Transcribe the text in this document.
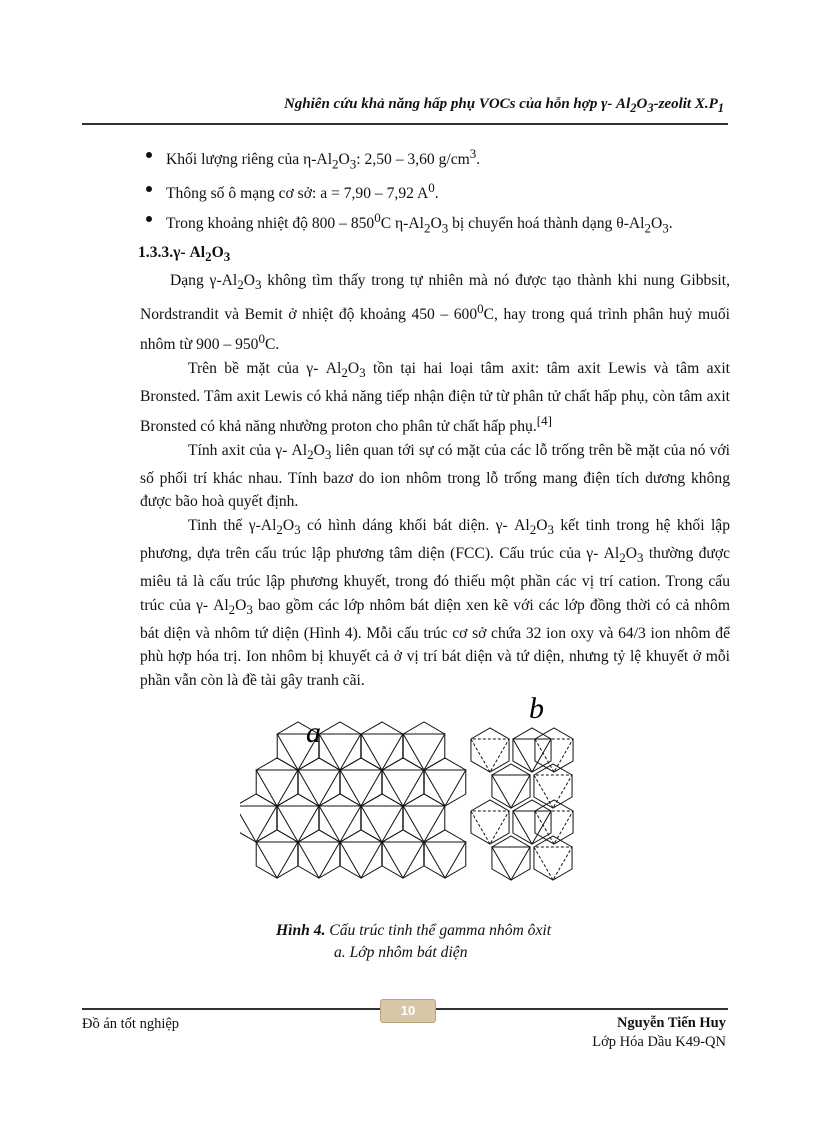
Nghiên cứu khả năng hấp phụ VOCs của hỗn hợp γ- $Al_2O_3$-zeolit $X.P_1$
Khối lượng riêng của $\eta-Al_2O_3$: 2,50 – 3,60 $g/cm^3$.
Thông số ô mạng cơ sở: a = 7,90 – 7,92 $A^0$.
Trong khoảng nhiệt độ $800 - 850^0C$ $\eta-Al_2O_3$ bị chuyển hoá thành dạng $\theta-Al_2O_3$.
1.3.3.γ- $Al_2O_3$

Dạng $\gamma-Al_2O_3$ không tìm thấy trong tự nhiên mà nó được tạo thành khi nung Gibbsit, Nordstrandit và Bemit ở nhiệt độ khoảng $450 - 600^0C$, hay trong quá trình phân huỷ muối nhôm từ $900 - 950^0C$.

Trên bề mặt của γ- $Al_2O_3$ tồn tại hai loại tâm axit: tâm axit Lewis và tâm axit Bronsted. Tâm axit Lewis có khả năng tiếp nhận điện tử từ phân tử chất hấp phụ, còn tâm axit Bronsted có khả năng nhường proton cho phân tử chất hấp phụ.[4]

Tính axit của γ- $Al_2O_3$ liên quan tới sự có mặt của các lỗ trống trên bề mặt của nó với số phối trí khác nhau. Tính bazơ do ion nhôm trong lỗ trống mang điện tích dương không được bão hoà quyết định.

Tinh thể $\gamma-Al_2O_3$ có hình dáng khối bát diện. γ- $Al_2O_3$ kết tinh trong hệ khối lập phương, dựa trên cấu trúc lập phương tâm diện (FCC). Cấu trúc của γ- $Al_2O_3$ thường được miêu tả là cấu trúc lập phương khuyết, trong đó thiếu một phần các vị trí cation. Trong cấu trúc của γ- $Al_2O_3$ bao gồm các lớp nhôm bát diện xen kẽ với các lớp đồng thời có cả nhôm bát diện và nhôm tứ diện (Hình 4). Mỗi cấu trúc cơ sở chứa 32 ion oxy và 64/3 ion nhôm để phù hợp hóa trị. Ion nhôm bị khuyết cả ở vị trí bát diện và tứ diện, nhưng tỷ lệ khuyết ở mỗi phần vẫn còn là đề tài gây tranh cãi.

a
b
Hình 4. Cấu trúc tinh thể gamma nhôm ôxit
a. Lớp nhôm bát diện
10
Đồ án tốt nghiệp	Nguyễn Tiến Huy
Lớp Hóa Dầu K49-QN
